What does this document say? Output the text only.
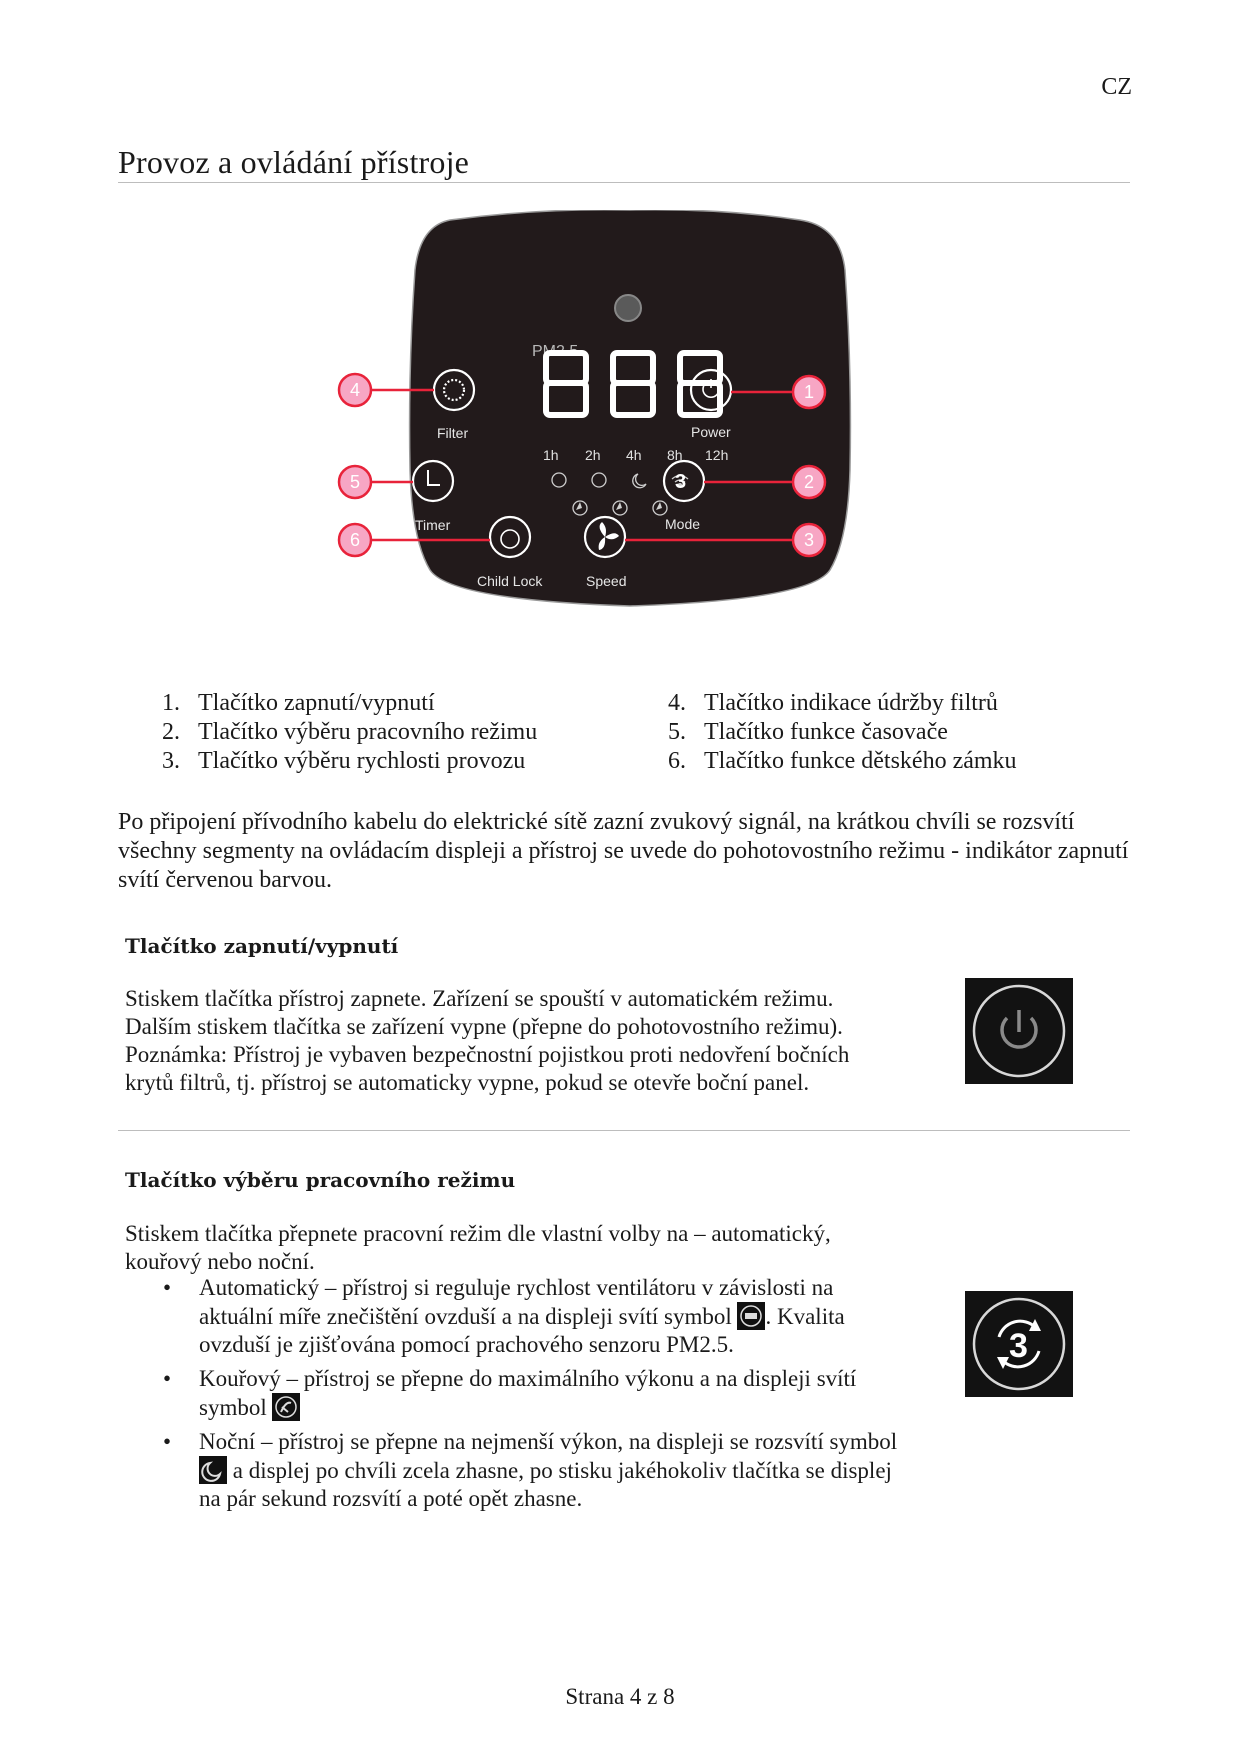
CZ
Provoz a ovládání přístroje
PM2.5
888
1h 2h 4h 8h 12h
3
Filter	Power
Timer	Mode
Child Lock	Speed
4	1
5	2
6	3
1. Tlačítko zapnutí/vypnutí
2. Tlačítko výběru pracovního režimu
3. Tlačítko výběru rychlosti provozu
4. Tlačítko indikace údržby filtrů
5. Tlačítko funkce časovače
6. Tlačítko funkce dětského zámku
Po připojení přívodního kabelu do elektrické sítě zazní zvukový signál, na krátkou chvíli se rozsvítí všechny segmenty na ovládacím displeji a přístroj se uvede do pohotovostního režimu - indikátor zapnutí svítí červenou barvou.
Tlačítko zapnutí/vypnutí
Stiskem tlačítka přístroj zapnete. Zařízení se spouští v automatickém režimu.
Dalším stiskem tlačítka se zařízení vypne (přepne do pohotovostního režimu).
Poznámka: Přístroj je vybaven bezpečnostní pojistkou proti nedovření bočních
krytů filtrů, tj. přístroj se automaticky vypne, pokud se otevře boční panel.
Tlačítko výběru pracovního režimu
Stiskem tlačítka přepnete pracovní režim dle vlastní volby na – automatický,
kouřový nebo noční.
• Automatický – přístroj si reguluje rychlost ventilátoru v závislosti na aktuální míře znečištění ovzduší a na displeji svítí symbol . Kvalita ovzduší je zjišťována pomocí prachového senzoru PM2.5.
• Kouřový – přístroj se přepne do maximálního výkonu a na displeji svítí symbol
• Noční – přístroj se přepne na nejmenší výkon, na displeji se rozsvítí symbol  a displej po chvíli zcela zhasne, po stisku jakéhokoliv tlačítka se displej na pár sekund rozsvítí a poté opět zhasne.
3
Strana 4 z 8
